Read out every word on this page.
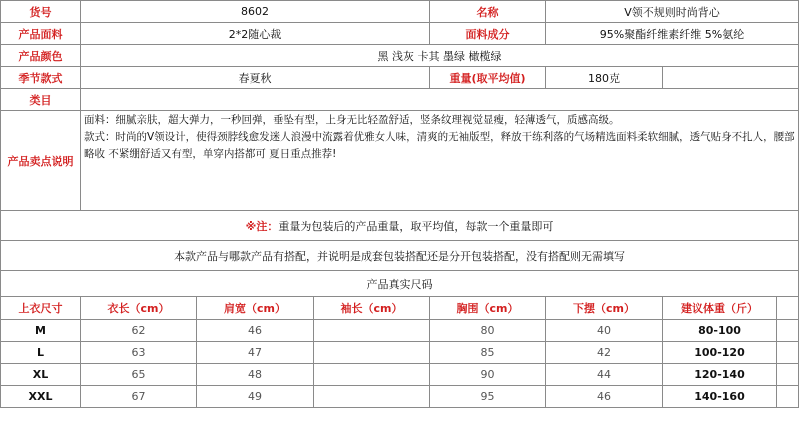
货号	8602			名称	V领不规则时尚背心		
产品面料	2*2随心裁			面料成分	95%聚酯纤维素纤维 5%氨纶		
产品颜色	黑 浅灰 卡其 墨绿 橄榄绿						
季节款式	春夏秋			重量(取平均值)	180克		
类目							
产品卖点说明	面料：细腻亲肤，超大弹力，一秒回弹，垂坠有型，上身无比轻盈舒适，竖条纹理视觉显瘦，轻薄透气，质感高级。
款式：时尚的V领设计，使得颈脖线愈发迷人浪漫中流露着优雅女人味，清爽的无袖版型，释放干练利落的气场精选面料柔软细腻，透气贴身不扎人，腰部略收 不紧绷舒适又有型，单穿内搭都可 夏日重点推荐!						

※注：重量为包装后的产品重量，取平均值，每款一个重量即可							
本款产品与哪款产品有搭配，并说明是成套包装搭配还是分开包装搭配，没有搭配则无需填写							
产品真实尺码							
上衣尺寸	衣长（cm）	肩宽（cm）	袖长（cm）	胸围（cm）	下摆（cm）	建议体重（斤）	
M	62	46		80	40	80-100	
L	63	47		85	42	100-120	
XL	65	48		90	44	120-140	
XXL	67	49		95	46	140-160	
